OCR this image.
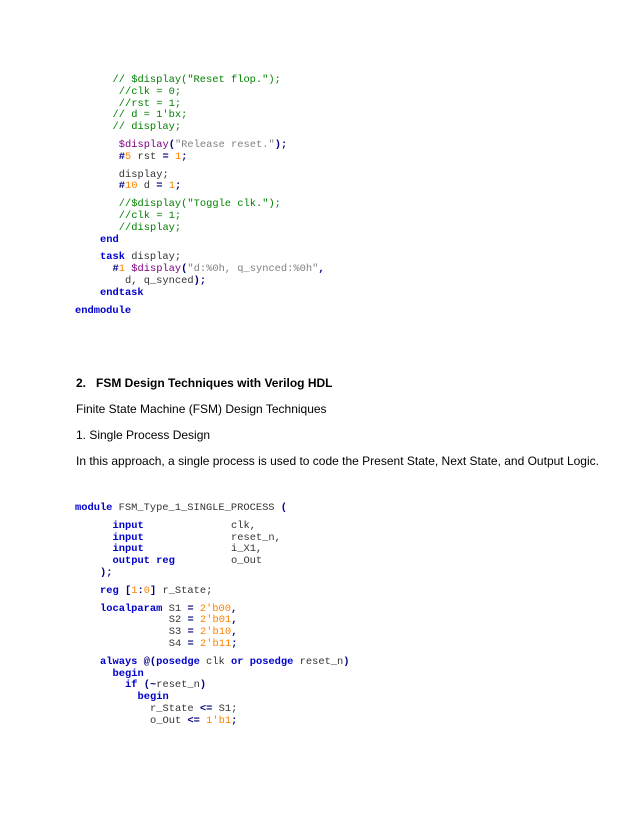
// $display("Reset flop.");
//clk = 0;
//rst = 1;
// d = 1'bx;
// display;
$display("Release reset.");
#5 rst = 1;
display;
#10 d = 1;
//$display("Toggle clk.");
//clk = 1;
//display;
end
task display;
#1 $display("d:%0h, q_synced:%0h",
d, q_synced);
endtask
endmodule
2.   FSM Design Techniques with Verilog HDL
Finite State Machine (FSM) Design Techniques
1. Single Process Design
In this approach, a single process is used to code the Present State, Next State, and Output Logic.
module FSM_Type_1_SINGLE_PROCESS (
input              clk,
input              reset_n,
input              i_X1,
output reg         o_Out
);
reg [1:0] r_State;
localparam S1 = 2'b00,
S2 = 2'b01,
S3 = 2'b10,
S4 = 2'b11;
always @(posedge clk or posedge reset_n)
begin
if (~reset_n)
begin
r_State <= S1;
o_Out <= 1'b1;
